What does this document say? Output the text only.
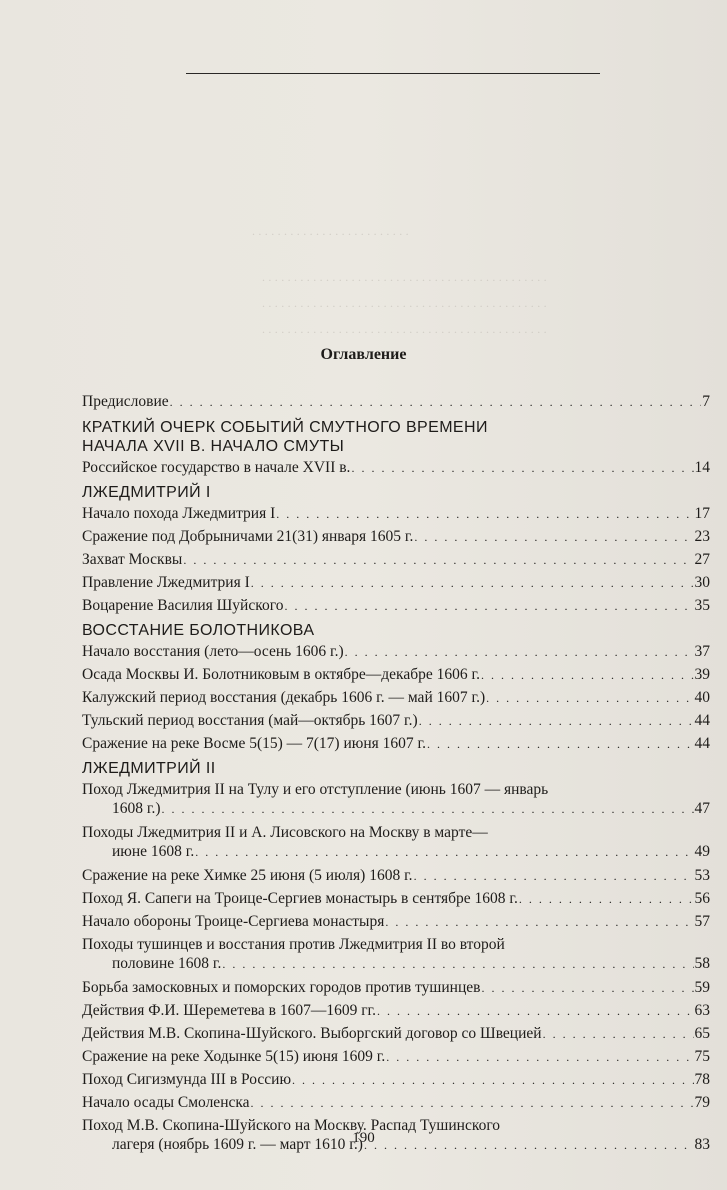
. . . . . . . . . . . . . . . . . . . . . . . . .
. . . . . . . . . . . . . . . . . . . . . . . . . . . . . . . . . . . . . . . . . . . . .
. . . . . . . . . . . . . . . . . . . . . . . . . . . . . . . . . . . . . . . . . . . . .
. . . . . . . . . . . . . . . . . . . . . . . . . . . . . . . . . . . . . . . . . . . . .
Оглавление
Предисловие . . .	7
КРАТКИЙ ОЧЕРК СОБЫТИЙ СМУТНОГО ВРЕМЕНИ
НАЧАЛА XVII В. НАЧАЛО СМУТЫ
Российское государство в начале XVII в. . . .	14
ЛЖЕДМИТРИЙ I
Начало похода Лжедмитрия I . . .	17
Сражение под Добрыничами 21(31) января 1605 г. . . .	23
Захват Москвы . . .	27
Правление Лжедмитрия I . . .	30
Воцарение Василия Шуйского . . .	35
ВОССТАНИЕ БОЛОТНИКОВА
Начало восстания (лето—осень 1606 г.) . . .	37
Осада Москвы И. Болотниковым в октябре—декабре 1606 г. . . .	39
Калужский период восстания (декабрь 1606 г. — май 1607 г.) . . .	40
Тульский период восстания (май—октябрь 1607 г.) . . .	44
Сражение на реке Восме 5(15) — 7(17) июня 1607 г. . . .	44
ЛЖЕДМИТРИЙ II
Поход Лжедмитрия II на Тулу и его отступление (июнь 1607 — январь
1608 г.) . . .	47
Походы Лжедмитрия II и А. Лисовского на Москву в марте—
июне 1608 г. . . .	49
Сражение на реке Химке 25 июня (5 июля) 1608 г. . . .	53
Поход Я. Сапеги на Троице-Сергиев монастырь в сентябре 1608 г. . . .	56
Начало обороны Троице-Сергиева монастыря . . .	57
Походы тушинцев и восстания против Лжедмитрия II во второй
половине 1608 г. . . .	58
Борьба замосковных и поморских городов против тушинцев . . .	59
Действия Ф.И. Шереметева в 1607—1609 гг. . . .	63
Действия М.В. Скопина-Шуйского. Выборгский договор со Швецией . . .	65
Сражение на реке Ходынке 5(15) июня 1609 г. . . .	75
Поход Сигизмунда III в Россию . . .	78
Начало осады Смоленска . . .	79
Поход М.В. Скопина-Шуйского на Москву. Распад Тушинского
лагеря (ноябрь 1609 г. — март 1610 г.) . . .	83
190
